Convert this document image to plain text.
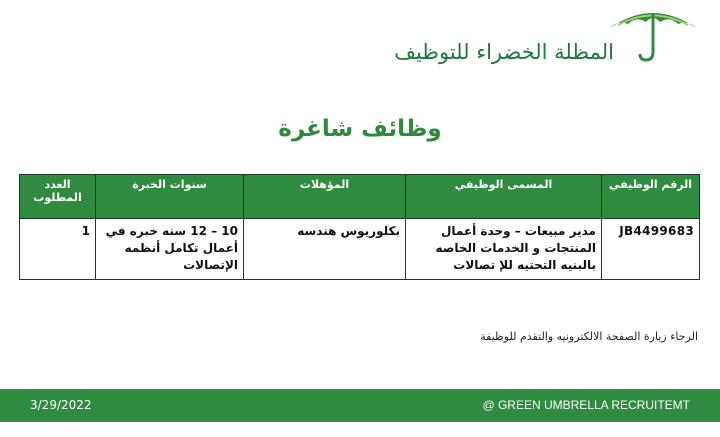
المظلة الخضراء للتوظيف
وظائف شاغرة
الرقم الوظيفي	المسمى الوظيفي	المؤهلات	سنوات الخبرة	العدد المطلوب
JB4499683	مدير مبيعات – وحدة أعمال المنتجات و الخدمات الخاصه بالبنيه التحتيه للإ تصالات	بكلوريوس هندسه	10 – 12 سنه خبره في أعمال تكامل أنظمه الإتصالات	1
الرجاء زيارة الصفحة الالكترونيه والتقدم للوظيفة
3/29/2022	@ GREEN UMBRELLA RECRUITEMT
